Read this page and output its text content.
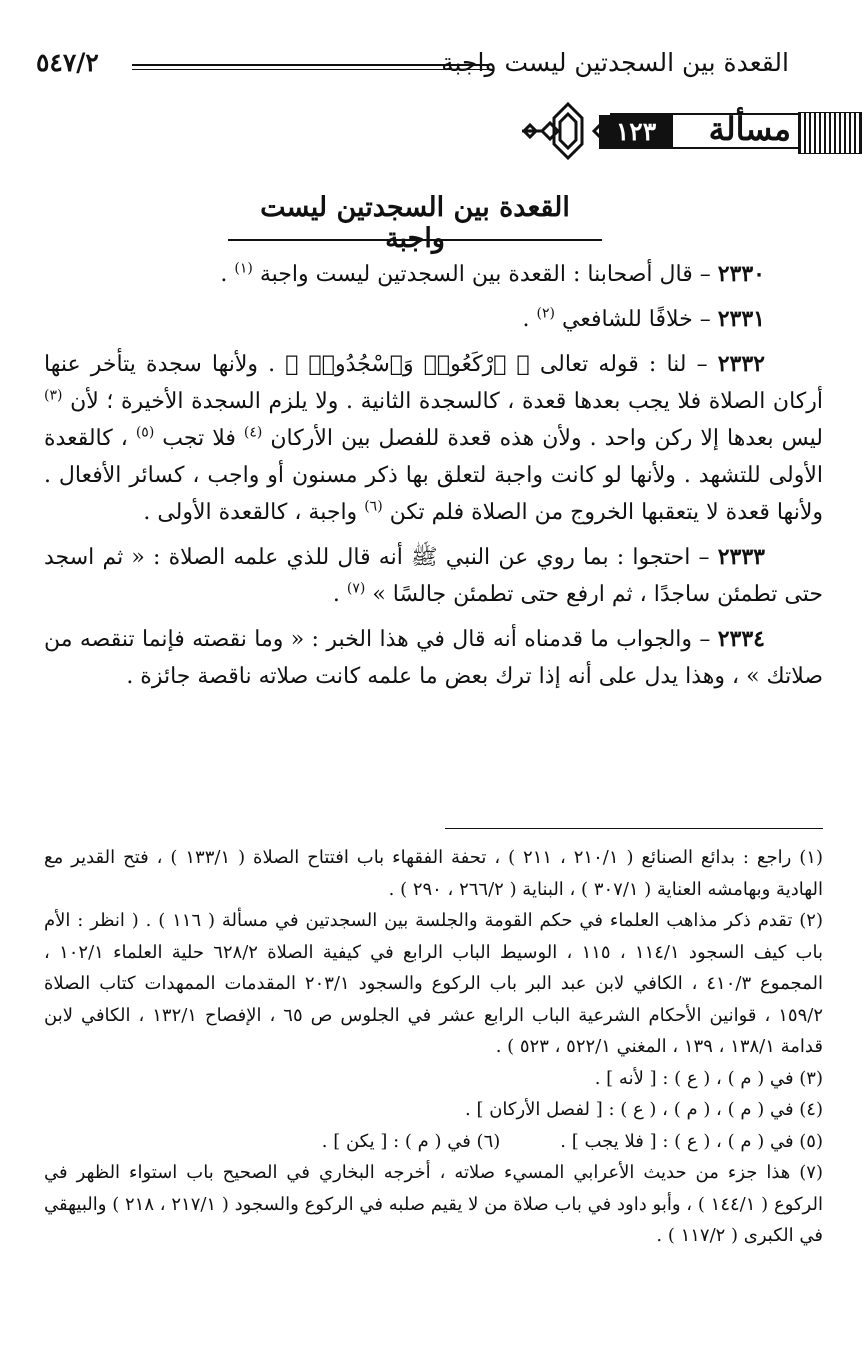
القعدة بين السجدتين ليست واجبة
٥٤٧/٢
مسألة
١٢٣
القعدة بين السجدتين ليست واجبة

٢٣٣٠ – قال أصحابنا : القعدة بين السجدتين ليست واجبة $^{(١)}$ .

٢٣٣١ – خلافًا للشافعي $^{(٢)}$ .

٢٣٣٢ – لنا : قوله تعالى ﴿ ٱرْكَعُوا۟ وَٱسْجُدُوا۟ ﴾ . ولأنها سجدة يتأخر عنها أركان الصلاة فلا يجب بعدها قعدة ، كالسجدة الثانية . ولا يلزم السجدة الأخيرة ؛ لأن $^{(٣)}$ ليس بعدها إلا ركن واحد . ولأن هذه قعدة للفصل بين الأركان $^{(٤)}$ فلا تجب $^{(٥)}$ ، كالقعدة الأولى للتشهد . ولأنها لو كانت واجبة لتعلق بها ذكر مسنون أو واجب ، كسائر الأفعال . ولأنها قعدة لا يتعقبها الخروج من الصلاة فلم تكن $^{(٦)}$ واجبة ، كالقعدة الأولى .

٢٣٣٣ – احتجوا : بما روي عن النبي ﷺ أنه قال للذي علمه الصلاة : « ثم اسجد حتى تطمئن ساجدًا ، ثم ارفع حتى تطمئن جالسًا » $^{(٧)}$ .

٢٣٣٤ – والجواب ما قدمناه أنه قال في هذا الخبر : « وما نقصته فإنما تنقصه من صلاتك » ، وهذا يدل على أنه إذا ترك بعض ما علمه كانت صلاته ناقصة جائزة .

(١) راجع : بدائع الصنائع ( ٢١٠/١ ، ٢١١ ) ، تحفة الفقهاء باب افتتاح الصلاة ( ١٣٣/١ ) ، فتح القدير مع الهادية وبهامشه العناية ( ٣٠٧/١ ) ، البناية ( ٢٦٦/٢ ، ٢٩٠ ) .

(٢) تقدم ذكر مذاهب العلماء في حكم القومة والجلسة بين السجدتين في مسألة ( ١١٦ ) . ( انظر : الأم باب كيف السجود ١١٤/١ ، ١١٥ ، الوسيط الباب الرابع في كيفية الصلاة ٦٢٨/٢ حلية العلماء ١٠٢/١ ، المجموع ٤١٠/٣ ، الكافي لابن عبد البر باب الركوع والسجود ٢٠٣/١ المقدمات الممهدات كتاب الصلاة ١٥٩/٢ ، قوانين الأحكام الشرعية الباب الرابع عشر في الجلوس ص ٦٥ ، الإفصاح ١٣٢/١ ، الكافي لابن قدامة ١٣٨/١ ، ١٣٩ ، المغني ٥٢٢/١ ، ٥٢٣ ) .

(٣) في ( م ) ، ( ع ) : [ لأنه ] .

(٤) في ( م ) ، ( م ) ، ( ع ) : [ لفصل الأركان ] .

(٥) في ( م ) ، ( ع ) : [ فلا يجب ] .
(٦) في ( م ) : [ يكن ] .

(٧) هذا جزء من حديث الأعرابي المسيء صلاته ، أخرجه البخاري في الصحيح باب استواء الظهر في الركوع ( ١٤٤/١ ) ، وأبو داود في باب صلاة من لا يقيم صلبه في الركوع والسجود ( ٢١٧/١ ، ٢١٨ ) والبيهقي في الكبرى ( ١١٧/٢ ) .
